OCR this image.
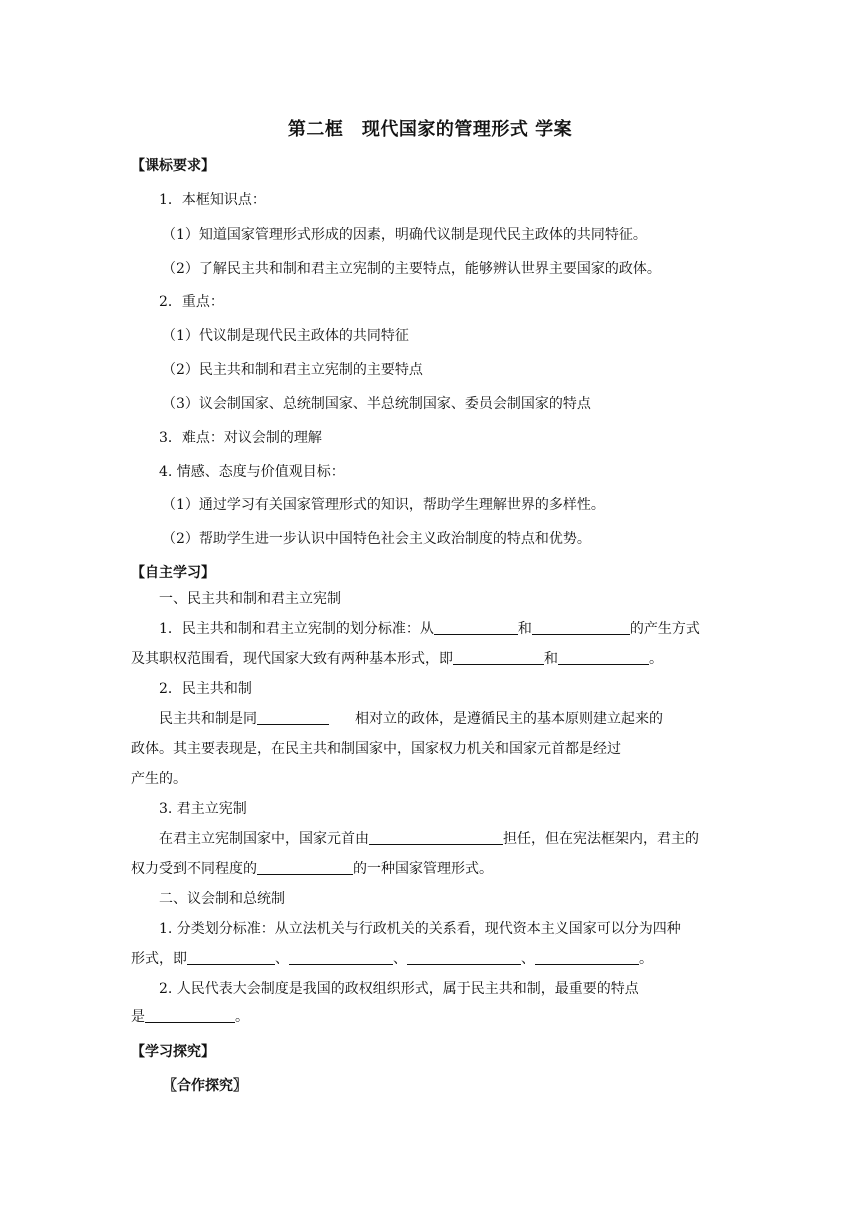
第二框　现代国家的管理形式 学案
【课标要求】
1．本框知识点：
（1）知道国家管理形式形成的因素，明确代议制是现代民主政体的共同特征。
（2）了解民主共和制和君主立宪制的主要特点，能够辨认世界主要国家的政体。
2．重点：
（1）代议制是现代民主政体的共同特征
（2）民主共和制和君主立宪制的主要特点
（3）议会制国家、总统制国家、半总统制国家、委员会制国家的特点
3．难点：对议会制的理解
4. 情感、态度与价值观目标：
（1）通过学习有关国家管理形式的知识，帮助学生理解世界的多样性。
（2）帮助学生进一步认识中国特色社会主义政治制度的特点和优势。
【自主学习】
一、民主共和制和君主立宪制
1．民主共和制和君主立宪制的划分标准：从	和	的产生方式
及其职权范围看，现代国家大致有两种基本形式，即	和	。
2．民主共和制
民主共和制是同	相对立的政体，是遵循民主的基本原则建立起来的
政体。其主要表现是，在民主共和制国家中，国家权力机关和国家元首都是经过
产生的。
3. 君主立宪制
在君主立宪制国家中，国家元首由	担任，但在宪法框架内，君主的
权力受到不同程度的	的一种国家管理形式。
二、议会制和总统制
1. 分类划分标准：从立法机关与行政机关的关系看，现代资本主义国家可以分为四种
形式，即	、	、	、	。
2. 人民代表大会制度是我国的政权组织形式，属于民主共和制，最重要的特点
是	。
【学习探究】
〖合作探究〗
